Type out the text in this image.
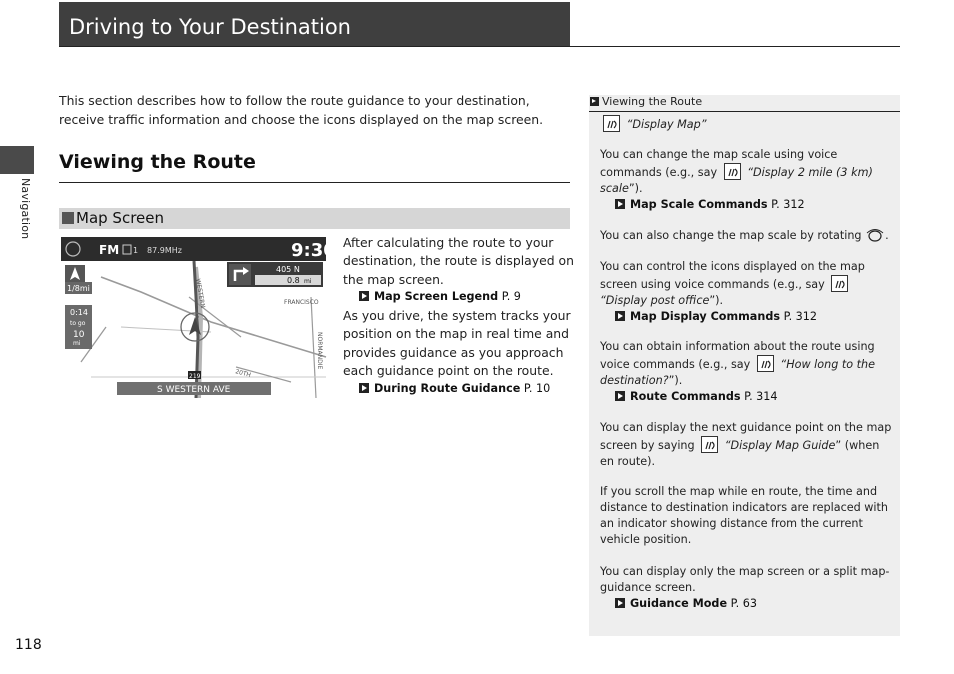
Driving to Your Destination
Navigation

This section describes how to follow the route guidance to your destination, receive traffic information and choose the icons displayed on the map screen.

Viewing the Route
Map Screen
FM 1 87.9MHz	9:30
1/8mi
0:14
to go
10
mi
405 N
0.8 mi
WESTERN	FRANCISCO
NORMANDIE
20TH
219
S WESTERN AVE

After calculating the route to your destination, the route is displayed on the map screen.

Map Screen Legend P. 9

As you drive, the system tracks your position on the map in real time and provides guidance as you approach each guidance point on the route.

During Route Guidance P. 10
Viewing the Route
“Display Map”
You can change the map scale using voice commands (e.g., say	“Display 2 mile (3 km) scale”).
Map Scale Commands P. 312
You can also change the map scale by rotating .
You can control the icons displayed on the map screen using voice commands (e.g., say
“Display post office”).
Map Display Commands P. 312
You can obtain information about the route using voice commands (e.g., say	“How long to the destination?”).
Route Commands P. 314
You can display the next guidance point on the map screen by saying	“Display Map Guide” (when en route).
If you scroll the map while en route, the time and distance to destination indicators are replaced with an indicator showing distance from the current vehicle position.
You can display only the map screen or a split map-guidance screen.
Guidance Mode P. 63
118
